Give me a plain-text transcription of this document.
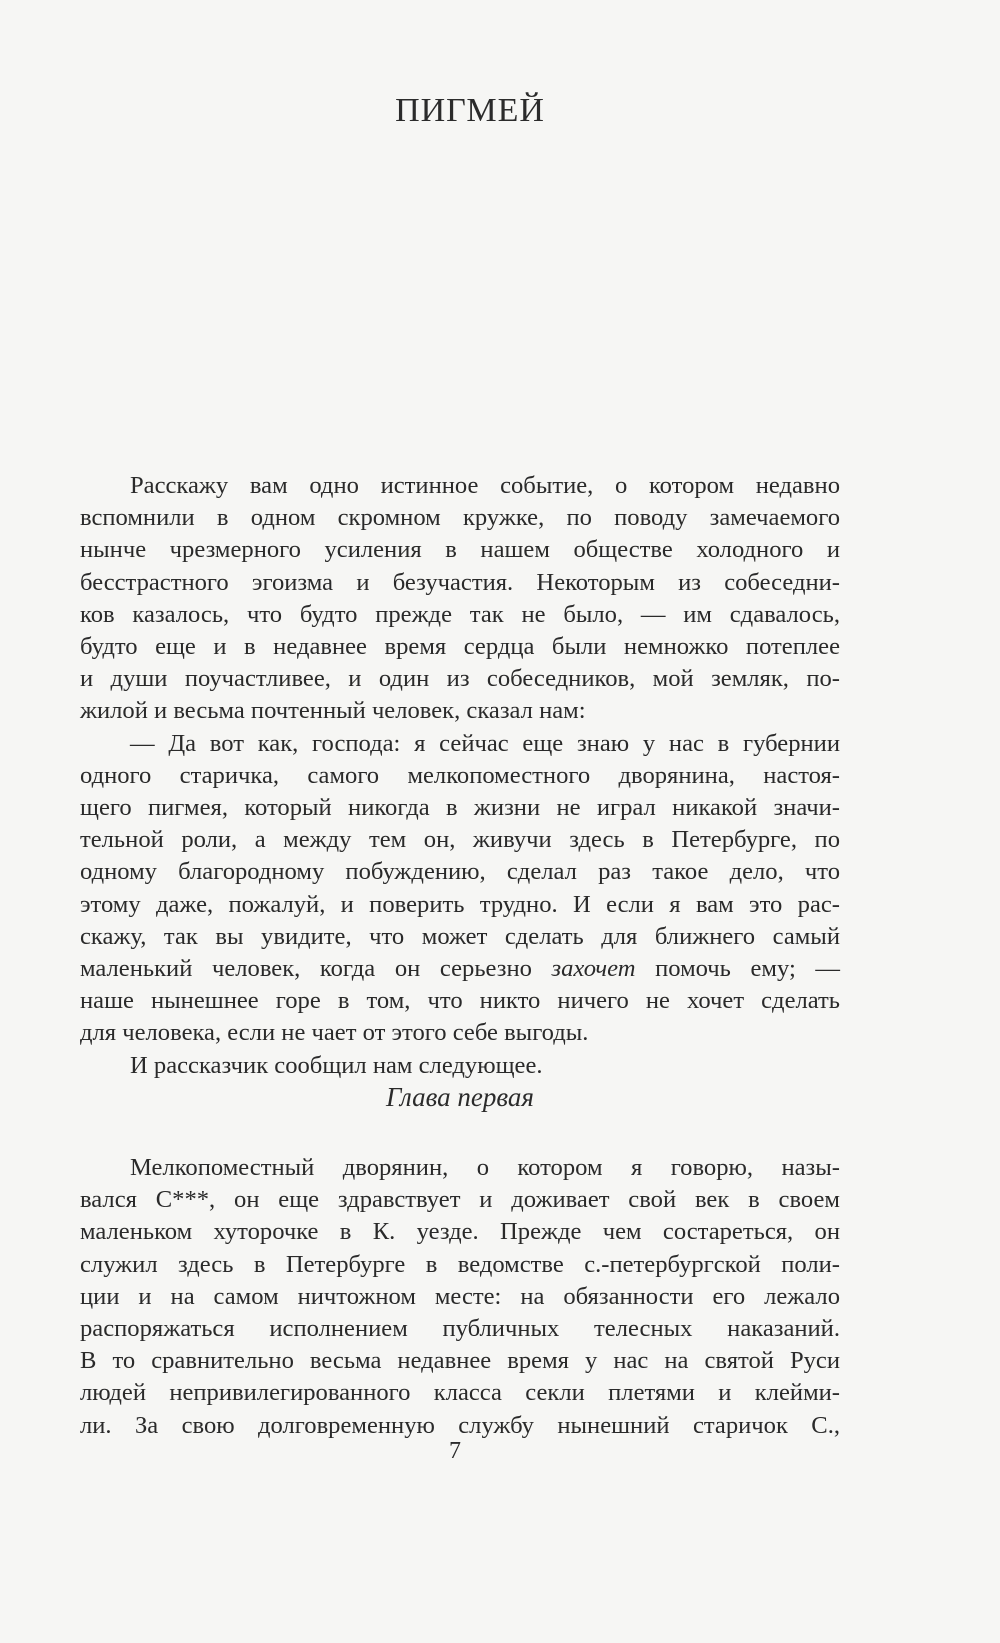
ПИГМЕЙ
Расскажу вам одно истинное событие, о котором недавно
вспомнили в одном скромном кружке, по поводу замечаемого
нынче чрезмерного усиления в нашем обществе холодного и
бесстрастного эгоизма и безучастия. Некоторым из собеседни-
ков казалось, что будто прежде так не было, — им сдавалось,
будто еще и в недавнее время сердца были немножко потеплее
и души поучастливее, и один из собеседников, мой земляк, по-
жилой и весьма почтенный человек, сказал нам:
— Да вот как, господа: я сейчас еще знаю у нас в губернии
одного старичка, самого мелкопоместного дворянина, настоя-
щего пигмея, который никогда в жизни не играл никакой значи-
тельной роли, а между тем он, живучи здесь в Петербурге, по
одному благородному побуждению, сделал раз такое дело, что
этому даже, пожалуй, и поверить трудно. И если я вам это рас-
скажу, так вы увидите, что может сделать для ближнего самый
маленький человек, когда он серьезно захочет помочь ему; —
наше нынешнее горе в том, что никто ничего не хочет сделать
для человека, если не чает от этого себе выгоды.
И рассказчик сообщил нам следующее.
Глава первая
Мелкопоместный дворянин, о котором я говорю, назы-
вался С***, он еще здравствует и доживает свой век в своем
маленьком хуторочке в К. уезде. Прежде чем состареться, он
служил здесь в Петербурге в ведомстве с.-петербургской поли-
ции и на самом ничтожном месте: на обязанности его лежало
распоряжаться исполнением публичных телесных наказаний.
В то сравнительно весьма недавнее время у нас на святой Руси
людей непривилегированного класса секли плетями и клейми-
ли. За свою долговременную службу нынешний старичок С.,
7
